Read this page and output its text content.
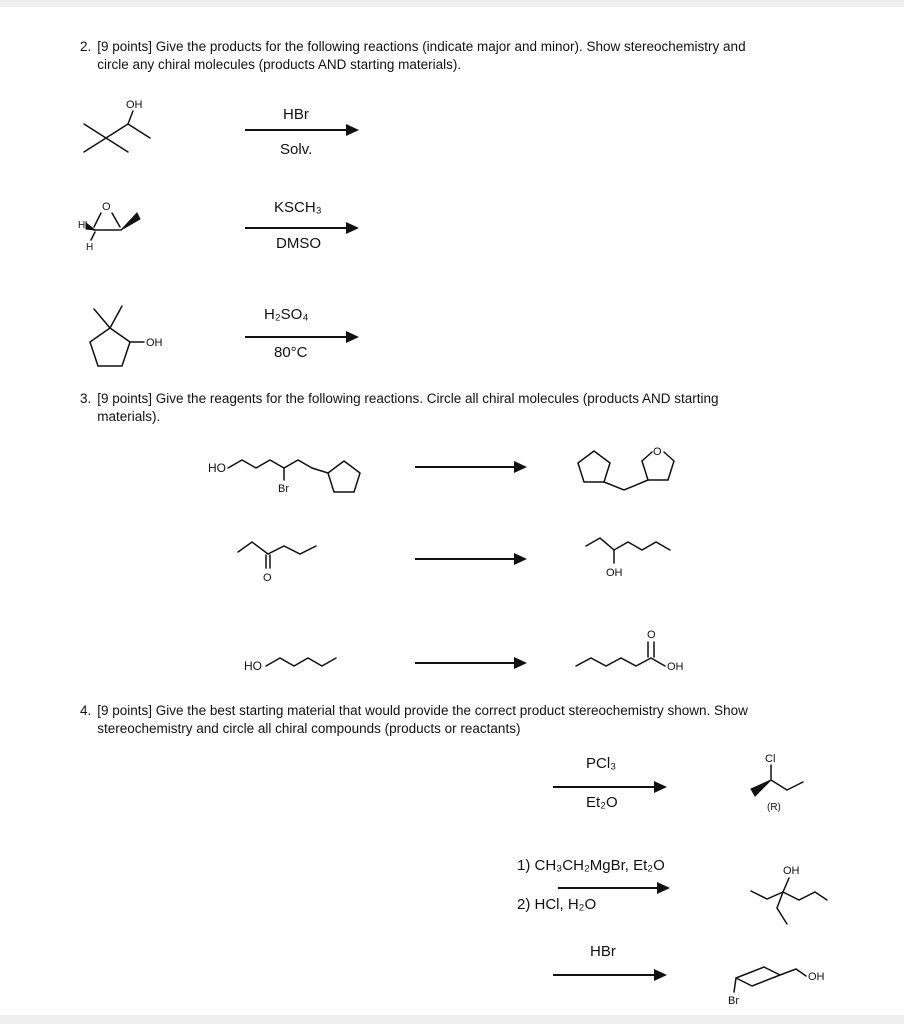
2. [9 points] Give the products for the following reactions (indicate major and minor). Show stereochemistry and
circle any chiral molecules (products AND starting materials).
OH
HBr
Solv.
O
H'
H
KSCH₃
DMSO
OH
H₂SO₄
80°C
3. [9 points] Give the reagents for the following reactions. Circle all chiral molecules (products AND starting
materials).
HO
Br
O
O	OH
HO
O
OH
4. [9 points] Give the best starting material that would provide the correct product stereochemistry shown. Show
stereochemistry and circle all chiral compounds (products or reactants)
PCl₃
Et₂O
Cl
(R)
1) CH₃CH₂MgBr, Et₂O
2) HCl, H₂O
OH
HBr
Br
OH
